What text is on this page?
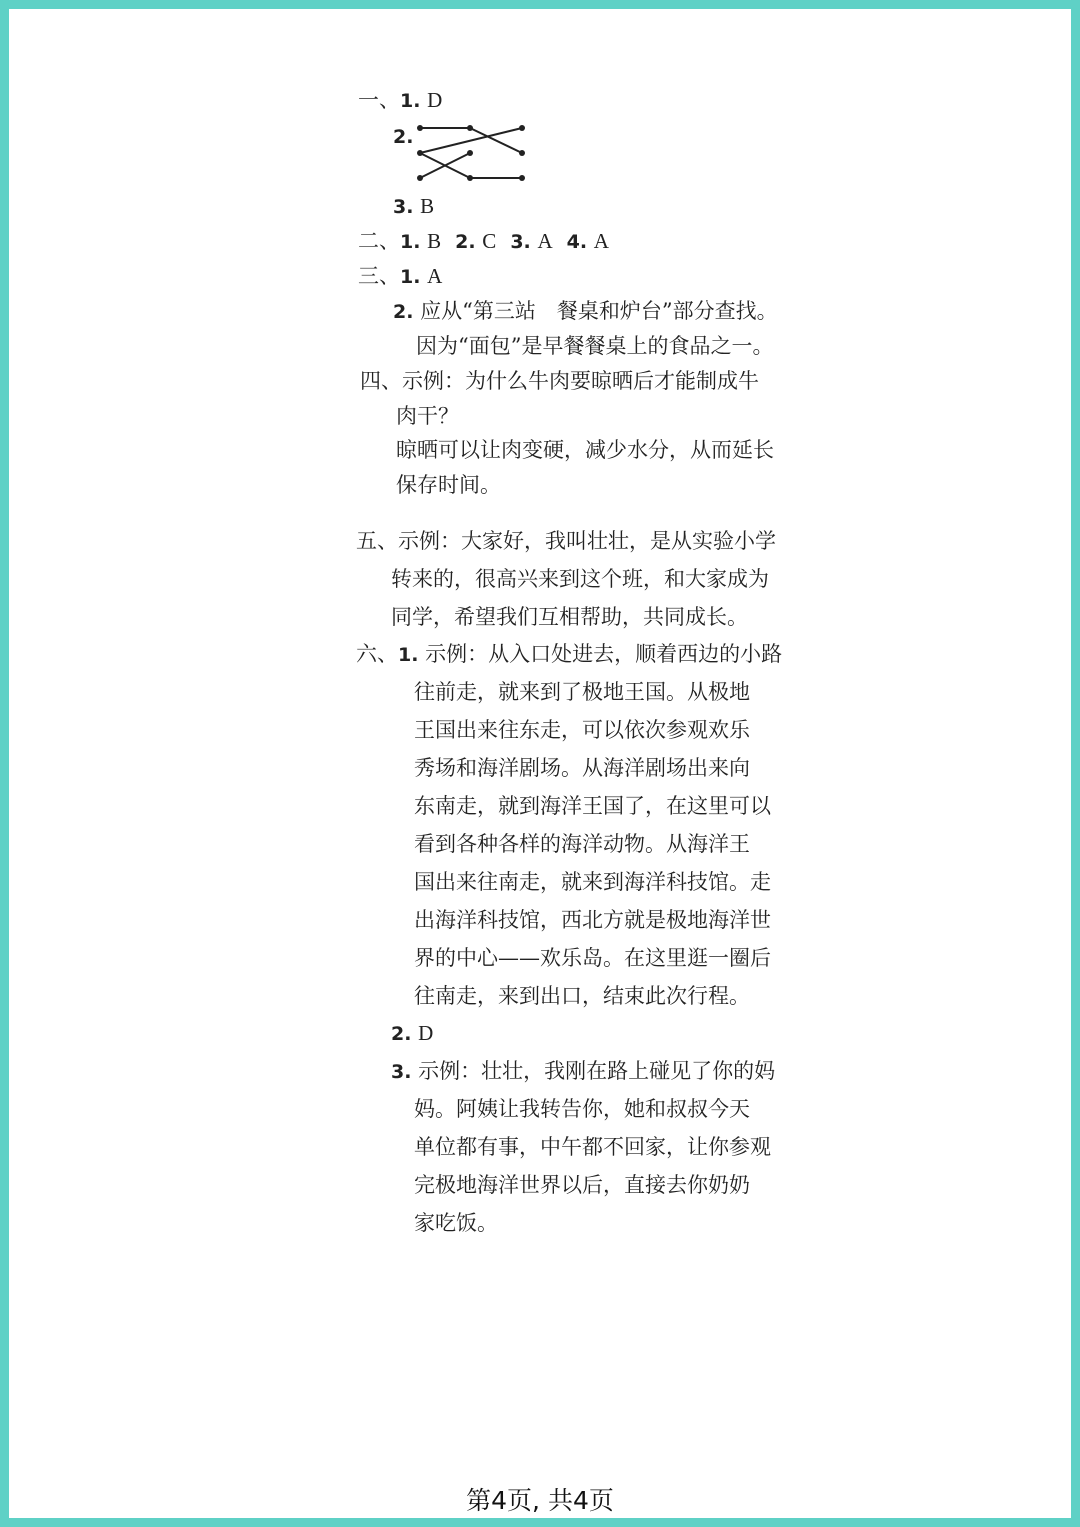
一、1. D
2.
3. B
二、1. B 2. C 3. A 4. A
三、1. A
2. 应从“第三站　餐桌和炉台”部分查找。
因为“面包”是早餐餐桌上的食品之一。
四、示例：为什么牛肉要晾晒后才能制成牛
肉干？
晾晒可以让肉变硬，减少水分，从而延长
保存时间。
五、示例：大家好，我叫壮壮，是从实验小学
转来的，很高兴来到这个班，和大家成为
同学，希望我们互相帮助，共同成长。
六、1. 示例：从入口处进去，顺着西边的小路
往前走，就来到了极地王国。从极地
王国出来往东走，可以依次参观欢乐
秀场和海洋剧场。从海洋剧场出来向
东南走，就到海洋王国了，在这里可以
看到各种各样的海洋动物。从海洋王
国出来往南走，就来到海洋科技馆。走
出海洋科技馆，西北方就是极地海洋世
界的中心——欢乐岛。在这里逛一圈后
往南走，来到出口，结束此次行程。
2. D
3. 示例：壮壮，我刚在路上碰见了你的妈
妈。阿姨让我转告你，她和叔叔今天
单位都有事，中午都不回家，让你参观
完极地海洋世界以后，直接去你奶奶
家吃饭。
第4页, 共4页
